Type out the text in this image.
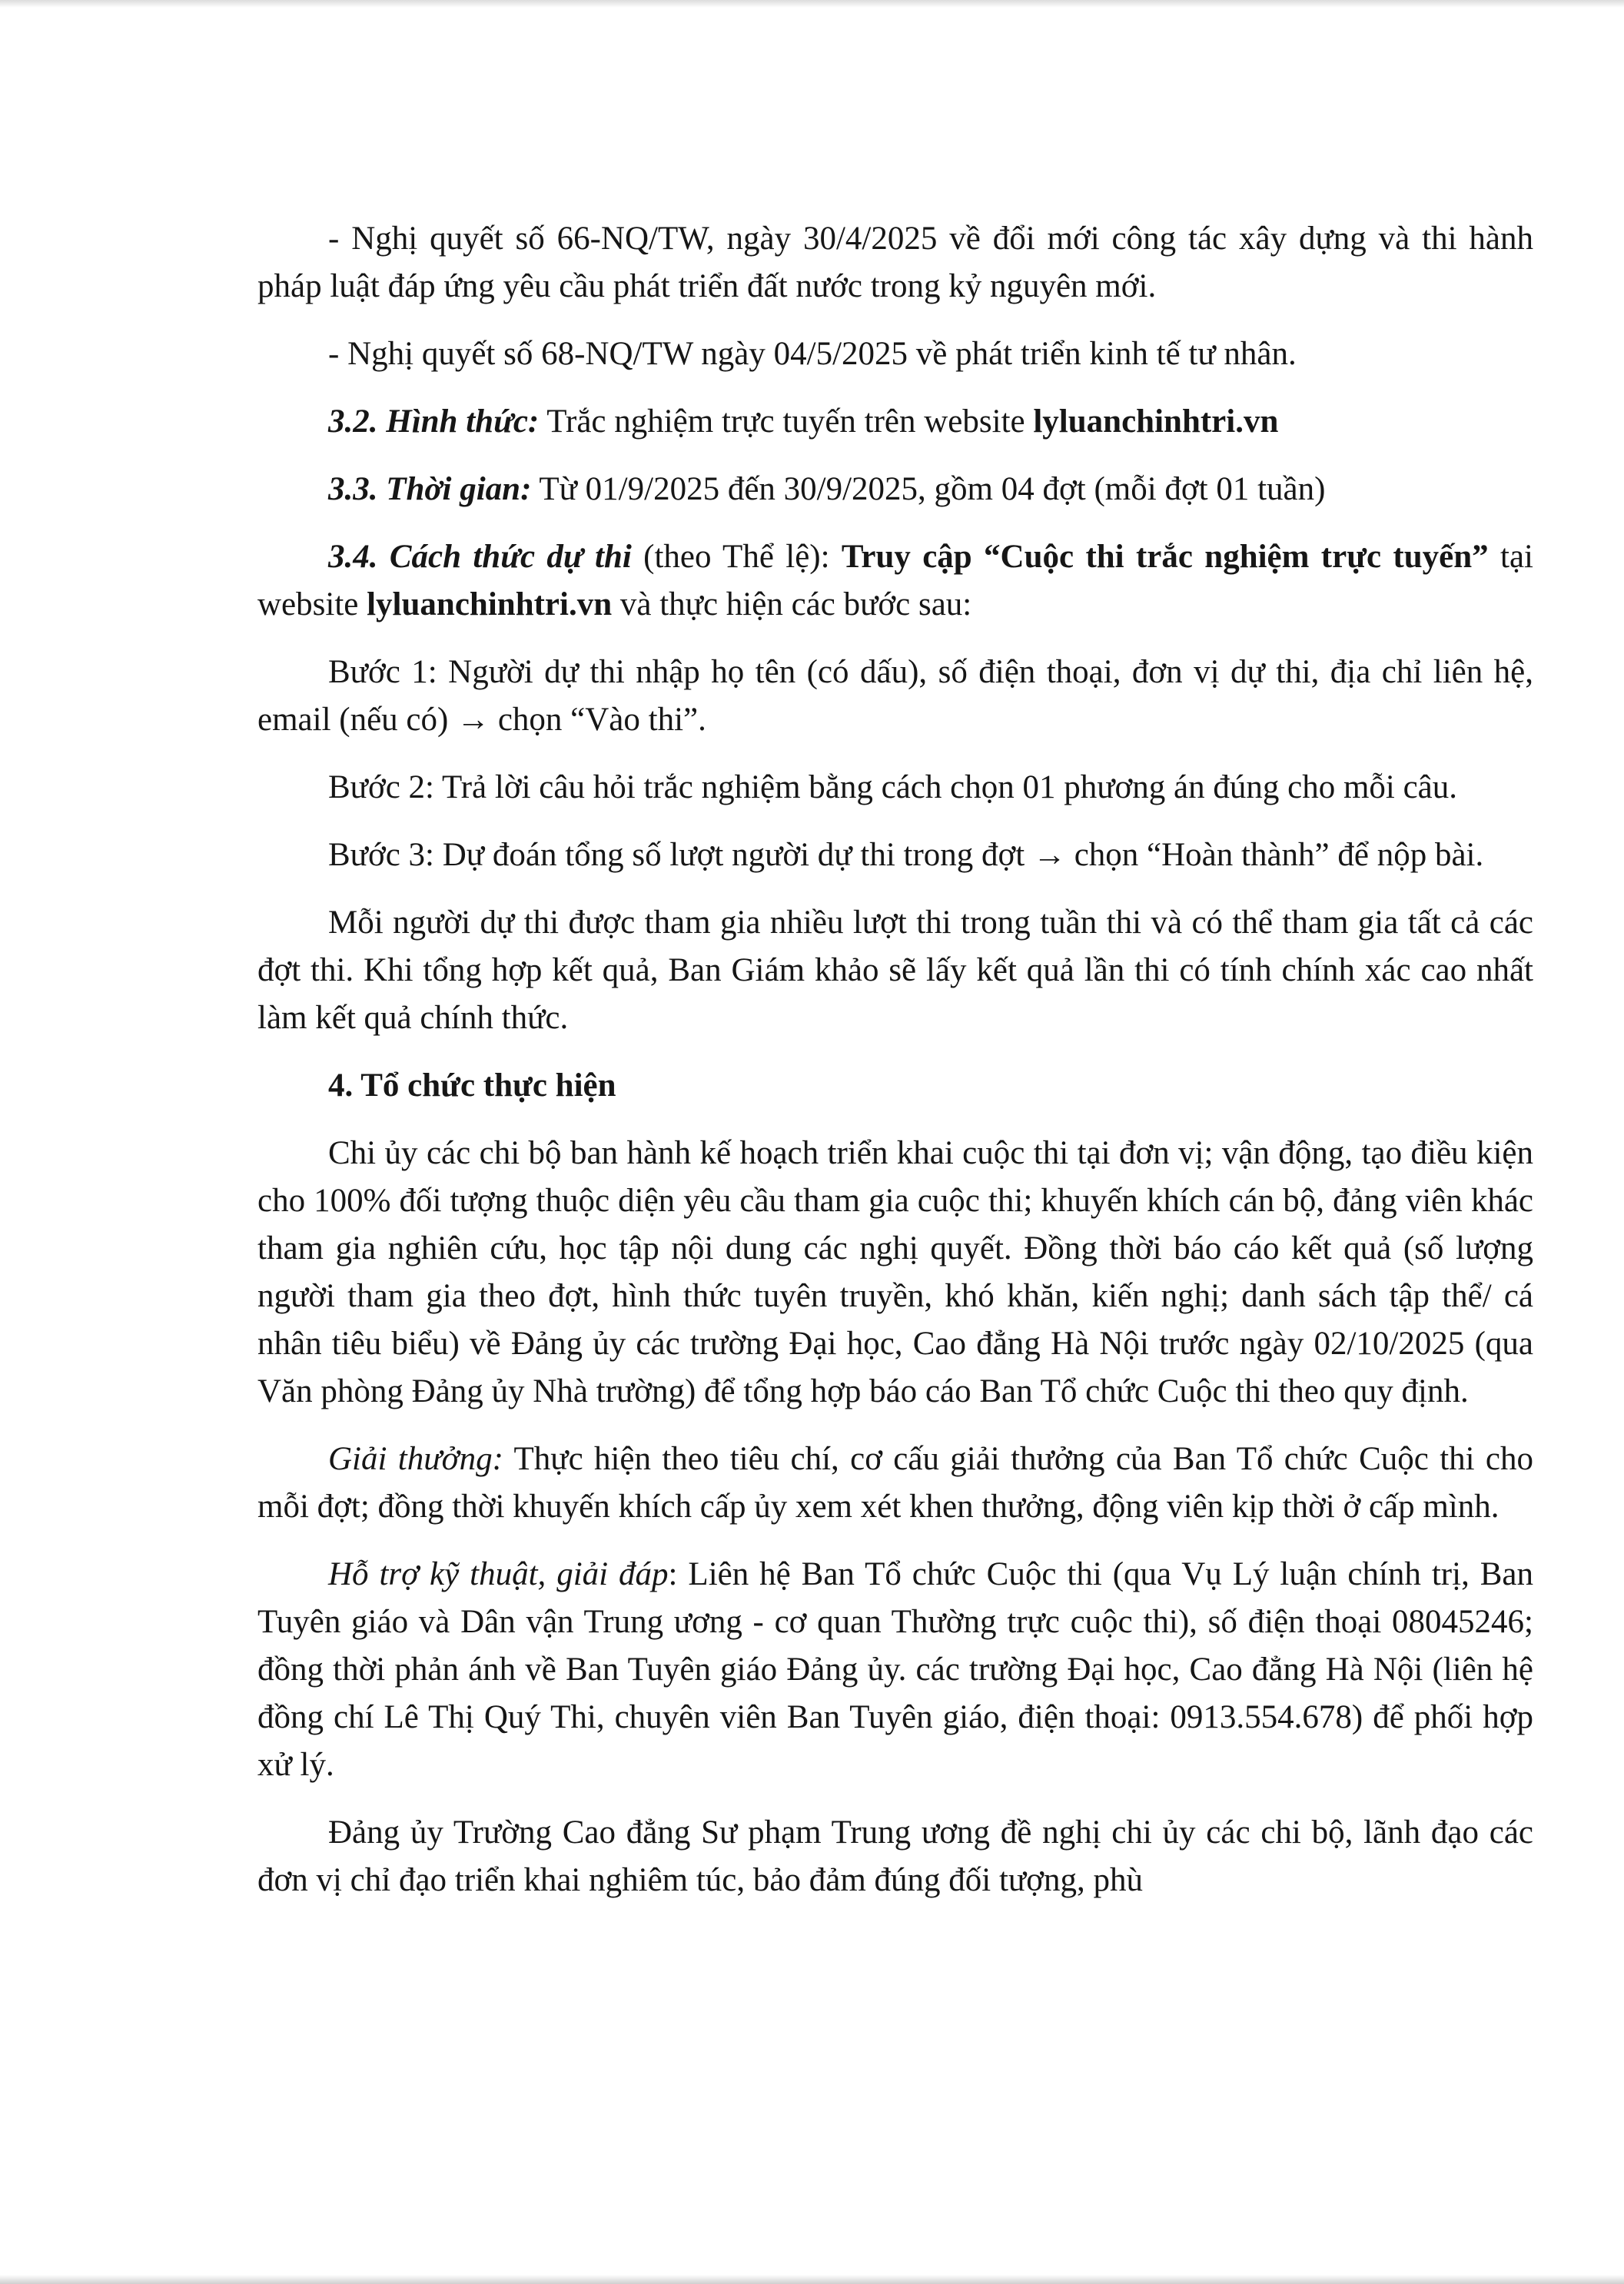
- Nghị quyết số 66-NQ/TW, ngày 30/4/2025 về đổi mới công tác xây dựng và thi hành pháp luật đáp ứng yêu cầu phát triển đất nước trong kỷ nguyên mới.

- Nghị quyết số 68-NQ/TW ngày 04/5/2025 về phát triển kinh tế tư nhân.

3.2. Hình thức: Trắc nghiệm trực tuyến trên website lyluanchinhtri.vn

3.3. Thời gian: Từ 01/9/2025 đến 30/9/2025, gồm 04 đợt (mỗi đợt 01 tuần)

3.4. Cách thức dự thi (theo Thể lệ): Truy cập “Cuộc thi trắc nghiệm trực tuyến” tại website lyluanchinhtri.vn và thực hiện các bước sau:

Bước 1: Người dự thi nhập họ tên (có dấu), số điện thoại, đơn vị dự thi, địa chỉ liên hệ, email (nếu có) → chọn “Vào thi”.

Bước 2: Trả lời câu hỏi trắc nghiệm bằng cách chọn 01 phương án đúng cho mỗi câu.

Bước 3: Dự đoán tổng số lượt người dự thi trong đợt → chọn “Hoàn thành” để nộp bài.

Mỗi người dự thi được tham gia nhiều lượt thi trong tuần thi và có thể tham gia tất cả các đợt thi. Khi tổng hợp kết quả, Ban Giám khảo sẽ lấy kết quả lần thi có tính chính xác cao nhất làm kết quả chính thức.

4. Tổ chức thực hiện

Chi ủy các chi bộ ban hành kế hoạch triển khai cuộc thi tại đơn vị; vận động, tạo điều kiện cho 100% đối tượng thuộc diện yêu cầu tham gia cuộc thi; khuyến khích cán bộ, đảng viên khác tham gia nghiên cứu, học tập nội dung các nghị quyết. Đồng thời báo cáo kết quả (số lượng người tham gia theo đợt, hình thức tuyên truyền, khó khăn, kiến nghị; danh sách tập thể/ cá nhân tiêu biểu) về Đảng ủy các trường Đại học, Cao đẳng Hà Nội trước ngày 02/10/2025 (qua Văn phòng Đảng ủy Nhà trường) để tổng hợp báo cáo Ban Tổ chức Cuộc thi theo quy định.

Giải thưởng: Thực hiện theo tiêu chí, cơ cấu giải thưởng của Ban Tổ chức Cuộc thi cho mỗi đợt; đồng thời khuyến khích cấp ủy xem xét khen thưởng, động viên kịp thời ở cấp mình.

Hỗ trợ kỹ thuật, giải đáp: Liên hệ Ban Tổ chức Cuộc thi (qua Vụ Lý luận chính trị, Ban Tuyên giáo và Dân vận Trung ương - cơ quan Thường trực cuộc thi), số điện thoại 08045246; đồng thời phản ánh về Ban Tuyên giáo Đảng ủy. các trường Đại học, Cao đẳng Hà Nội (liên hệ đồng chí Lê Thị Quý Thi, chuyên viên Ban Tuyên giáo, điện thoại: 0913.554.678) để phối hợp xử lý.

Đảng ủy Trường Cao đẳng Sư phạm Trung ương đề nghị chi ủy các chi bộ, lãnh đạo các đơn vị chỉ đạo triển khai nghiêm túc, bảo đảm đúng đối tượng, phù
